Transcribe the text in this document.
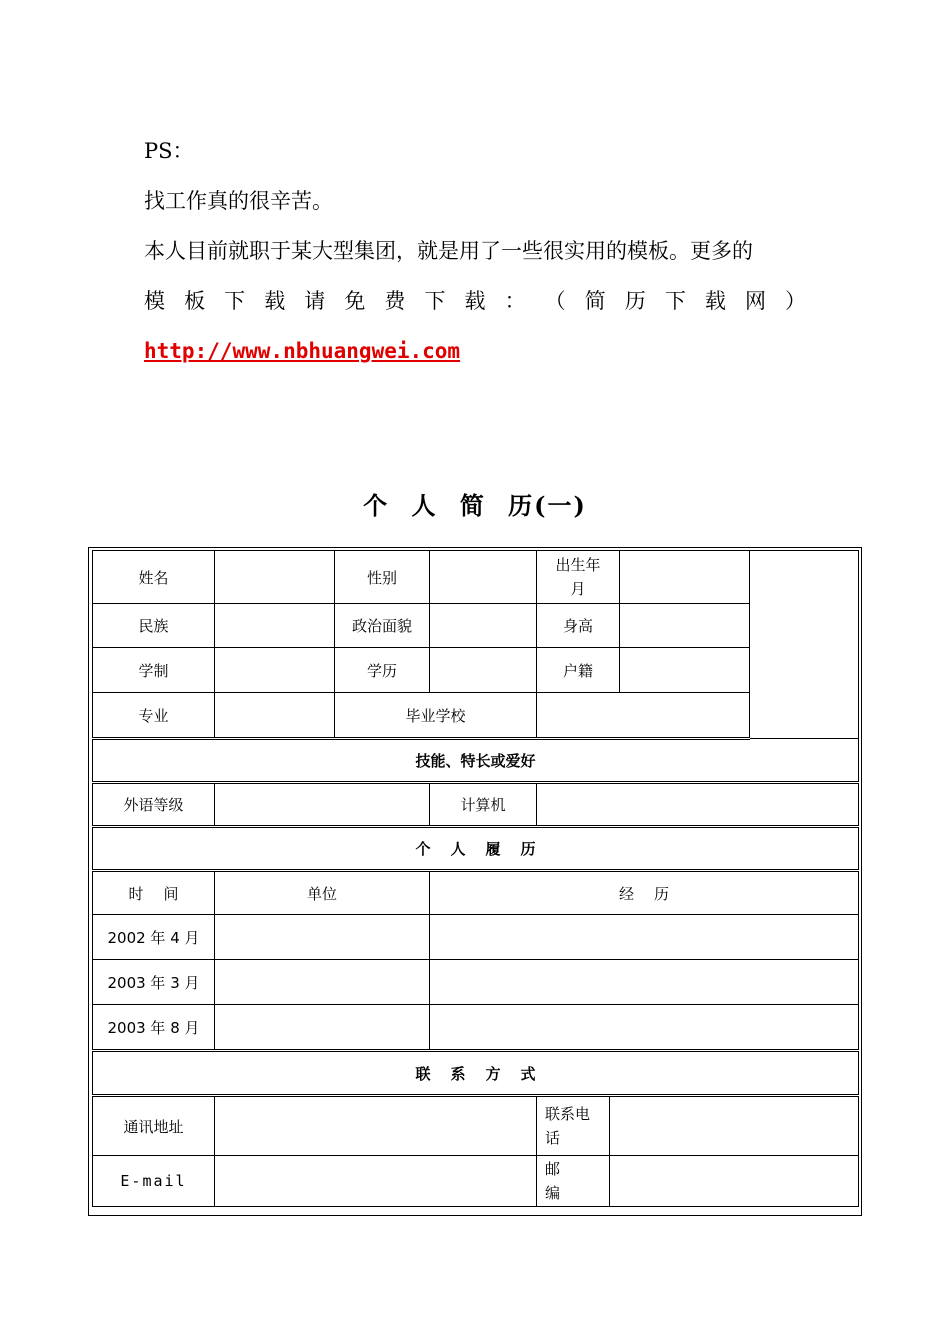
PS：
找工作真的很辛苦。
本人目前就职于某大型集团，就是用了一些很实用的模板。更多的
模 板 下 载 请 免 费 下 载 ： （ 简 历 下 载 网 ）
http://www.nbhuangwei.com
个 人 简 历(一)
姓名		性别		出生年月			

民族		政治面貌		身高			
学制		学历		户籍			
专业		毕业学校					
技能、特长或爱好							
外语等级			计算机				
个 人 履 历							
时 间	单位		经 历				
2002 年 4 月							
2003 年 3 月							
2003 年 8 月							
联 系 方 式							
通讯地址				联系电话			

E-mail				邮编			
